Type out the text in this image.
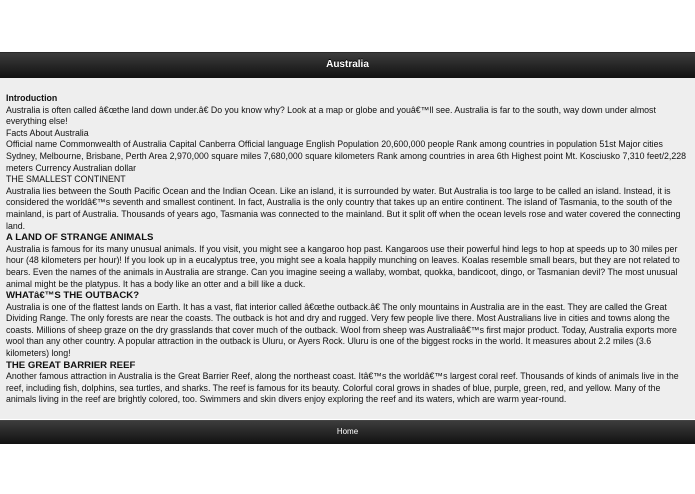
Australia

Introduction

Australia is often called â€œthe land down under.â€ Do you know why? Look at a map or globe and youâ€™ll see. Australia is far to the south, way down under almost everything else!

Facts About Australia

Official name Commonwealth of Australia Capital Canberra Official language English Population 20,600,000 people Rank among countries in population 51st Major cities Sydney, Melbourne, Brisbane, Perth Area 2,970,000 square miles 7,680,000 square kilometers Rank among countries in area 6th Highest point Mt. Kosciusko 7,310 feet/2,228 meters Currency Australian dollar

THE SMALLEST CONTINENT

Australia lies between the South Pacific Ocean and the Indian Ocean. Like an island, it is surrounded by water. But Australia is too large to be called an island. Instead, it is considered the worldâ€™s seventh and smallest continent. In fact, Australia is the only country that takes up an entire continent. The island of Tasmania, to the south of the mainland, is part of Australia. Thousands of years ago, Tasmania was connected to the mainland. But it split off when the ocean levels rose and water covered the connecting land.

A LAND OF STRANGE ANIMALS

Australia is famous for its many unusual animals. If you visit, you might see a kangaroo hop past. Kangaroos use their powerful hind legs to hop at speeds up to 30 miles per hour (48 kilometers per hour)! If you look up in a eucalyptus tree, you might see a koala happily munching on leaves. Koalas resemble small bears, but they are not related to bears. Even the names of the animals in Australia are strange. Can you imagine seeing a wallaby, wombat, quokka, bandicoot, dingo, or Tasmanian devil? The most unusual animal might be the platypus. It has a body like an otter and a bill like a duck.

WHATâ€™S THE OUTBACK?

Australia is one of the flattest lands on Earth. It has a vast, flat interior called â€œthe outback.â€ The only mountains in Australia are in the east. They are called the Great Dividing Range. The only forests are near the coasts. The outback is hot and dry and rugged. Very few people live there. Most Australians live in cities and towns along the coasts. Millions of sheep graze on the dry grasslands that cover much of the outback. Wool from sheep was Australiaâ€™s first major product. Today, Australia exports more wool than any other country. A popular attraction in the outback is Uluru, or Ayers Rock. Uluru is one of the biggest rocks in the world. It measures about 2.2 miles (3.6 kilometers) long!

THE GREAT BARRIER REEF

Another famous attraction in Australia is the Great Barrier Reef, along the northeast coast. Itâ€™s the worldâ€™s largest coral reef. Thousands of kinds of animals live in the reef, including fish, dolphins, sea turtles, and sharks. The reef is famous for its beauty. Colorful coral grows in shades of blue, purple, green, red, and yellow. Many of the animals living in the reef are brightly colored, too. Swimmers and skin divers enjoy exploring the reef and its waters, which are warm year-round.

Home
